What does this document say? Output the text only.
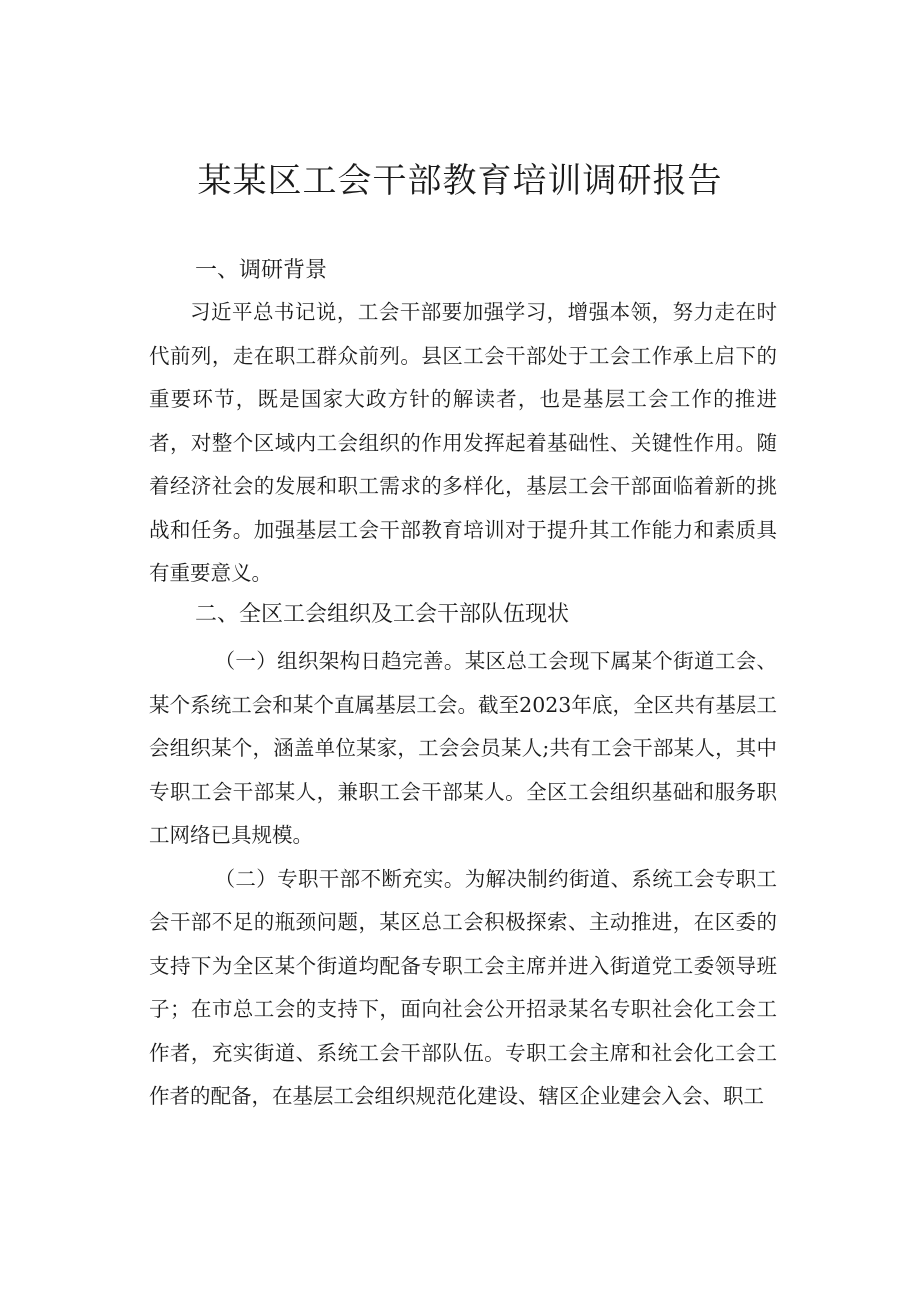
某某区工会干部教育培训调研报告
一、调研背景

习近平总书记说，工会干部要加强学习，增强本领，努力走在时代前列，走在职工群众前列。县区工会干部处于工会工作承上启下的重要环节，既是国家大政方针的解读者，也是基层工会工作的推进者，对整个区域内工会组织的作用发挥起着基础性、关键性作用。随着经济社会的发展和职工需求的多样化，基层工会干部面临着新的挑战和任务。加强基层工会干部教育培训对于提升其工作能力和素质具有重要意义。

二、全区工会组织及工会干部队伍现状

（一）组织架构日趋完善。某区总工会现下属某个街道工会、某个系统工会和某个直属基层工会。截至2023年底，全区共有基层工会组织某个，涵盖单位某家，工会会员某人;共有工会干部某人，其中专职工会干部某人，兼职工会干部某人。全区工会组织基础和服务职工网络已具规模。

（二）专职干部不断充实。为解决制约街道、系统工会专职工会干部不足的瓶颈问题，某区总工会积极探索、主动推进，在区委的支持下为全区某个街道均配备专职工会主席并进入街道党工委领导班子；在市总工会的支持下，面向社会公开招录某名专职社会化工会工作者，充实街道、系统工会干部队伍。专职工会主席和社会化工会工作者的配备，在基层工会组织规范化建设、辖区企业建会入会、职工
